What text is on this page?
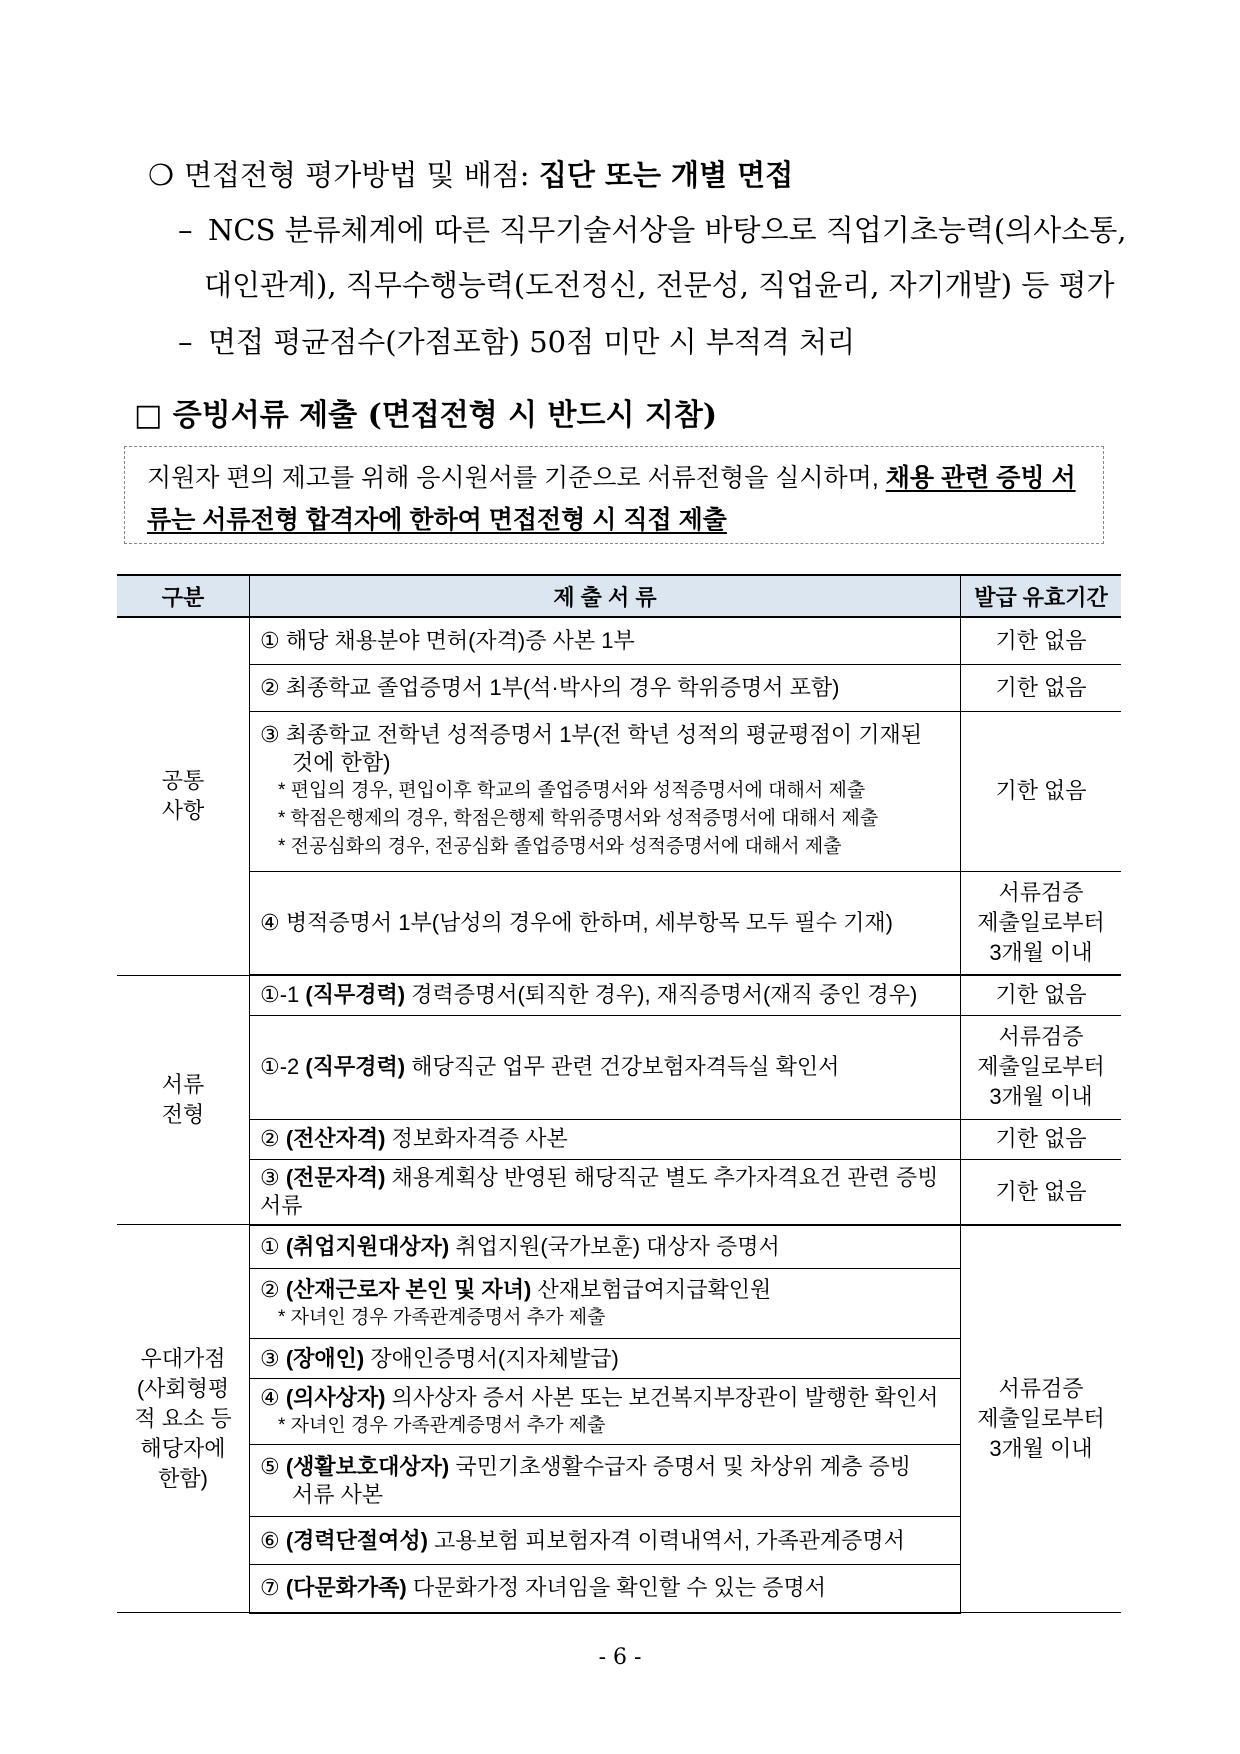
❍ 면접전형 평가방법 및 배점: 집단 또는 개별 면접
– NCS 분류체계에 따른 직무기술서상을 바탕으로 직업기초능력(의사소통,
대인관계), 직무수행능력(도전정신, 전문성, 직업윤리, 자기개발) 등 평가
– 면접 평균점수(가점포함) 50점 미만 시 부적격 처리
□ 증빙서류 제출 (면접전형 시 반드시 지참)
지원자 편의 제고를 위해 응시원서를 기준으로 서류전형을 실시하며, 채용 관련 증빙 서류는 서류전형 합격자에 한하여 면접전형 시 직접 제출
구분	제 출 서 류	발급 유효기간
공통
사항	① 해당 채용분야 면허(자격)증 사본 1부	기한 없음
	② 최종학교 졸업증명서 1부(석·박사의 경우 학위증명서 포함)	기한 없음
	③ 최종학교 전학년 성적증명서 1부(전 학년 성적의 평균평점이 기재된
것에 한함)
* 편입의 경우, 편입이후 학교의 졸업증명서와 성적증명서에 대해서 제출
* 학점은행제의 경우, 학점은행제 학위증명서와 성적증명서에 대해서 제출
* 전공심화의 경우, 전공심화 졸업증명서와 성적증명서에 대해서 제출	기한 없음
	④ 병적증명서 1부(남성의 경우에 한하며, 세부항목 모두 필수 기재)	서류검증
제출일로부터
3개월 이내
서류
전형	①-1 (직무경력) 경력증명서(퇴직한 경우), 재직증명서(재직 중인 경우)	기한 없음
	①-2 (직무경력) 해당직군 업무 관련 건강보험자격득실 확인서	서류검증
제출일로부터
3개월 이내
	② (전산자격) 정보화자격증 사본	기한 없음
	③ (전문자격) 채용계획상 반영된 해당직군 별도 추가자격요건 관련 증빙서류	기한 없음
우대가점
(사회형평
적 요소 등
해당자에
한함)	① (취업지원대상자) 취업지원(국가보훈) 대상자 증명서	서류검증
제출일로부터
3개월 이내
	② (산재근로자 본인 및 자녀) 산재보험급여지급확인원
* 자녀인 경우 가족관계증명서 추가 제출	

	③ (장애인) 장애인증명서(지자체발급)	
	④ (의사상자) 의사상자 증서 사본 또는 보건복지부장관이 발행한 확인서
* 자녀인 경우 가족관계증명서 추가 제출	

	⑤ (생활보호대상자) 국민기초생활수급자 증명서 및 차상위 계층 증빙
서류 사본	

	⑥ (경력단절여성) 고용보험 피보험자격 이력내역서, 가족관계증명서	
	⑦ (다문화가족) 다문화가정 자녀임을 확인할 수 있는 증명서	
- 6 -
